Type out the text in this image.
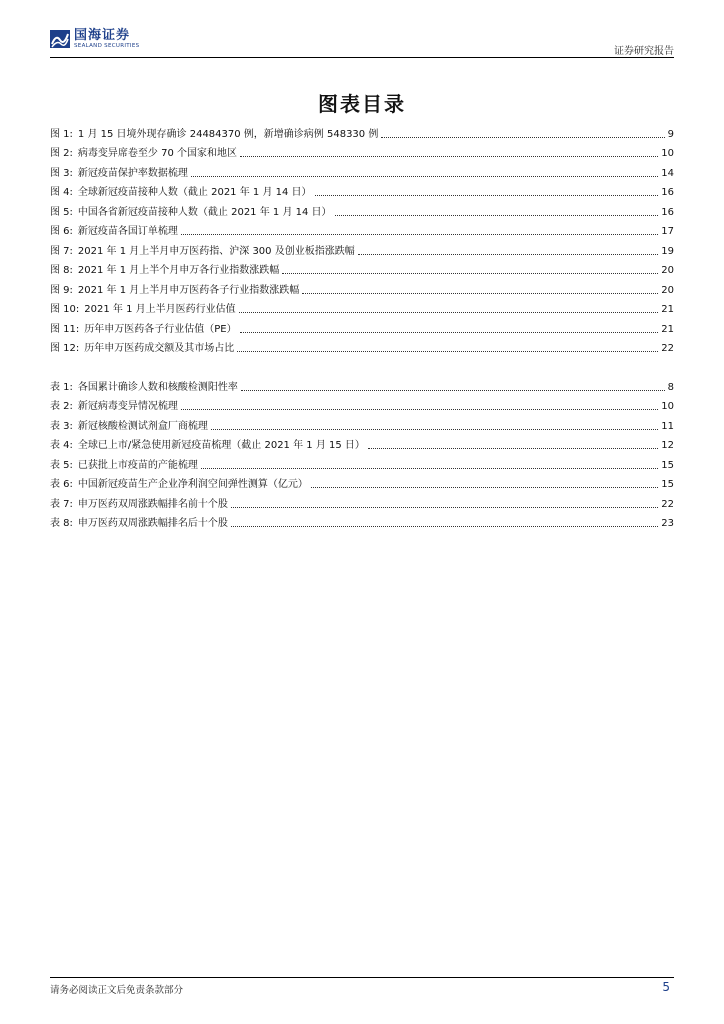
国海证券
SEALAND SECURITIES	证券研究报告
图表目录
图 1: 1 月 15 日境外现存确诊 24484370 例，新增确诊病例 548330 例	9
图 2: 病毒变异席卷至少 70 个国家和地区	10
图 3: 新冠疫苗保护率数据梳理	14
图 4: 全球新冠疫苗接种人数（截止 2021 年 1 月 14 日）	16
图 5: 中国各省新冠疫苗接种人数（截止 2021 年 1 月 14 日）	16
图 6: 新冠疫苗各国订单梳理	17
图 7: 2021 年 1 月上半月申万医药指、沪深 300 及创业板指涨跌幅	19
图 8: 2021 年 1 月上半个月申万各行业指数涨跌幅	20
图 9: 2021 年 1 月上半月申万医药各子行业指数涨跌幅	20
图 10: 2021 年 1 月上半月医药行业估值	21
图 11: 历年申万医药各子行业估值（PE）	21
图 12: 历年申万医药成交额及其市场占比	22
表 1: 各国累计确诊人数和核酸检测阳性率	8
表 2: 新冠病毒变异情况梳理	10
表 3: 新冠核酸检测试剂盒厂商梳理	11
表 4: 全球已上市/紧急使用新冠疫苗梳理（截止 2021 年 1 月 15 日）	12
表 5: 已获批上市疫苗的产能梳理	15
表 6: 中国新冠疫苗生产企业净利润空间弹性测算（亿元）	15
表 7: 申万医药双周涨跌幅排名前十个股	22
表 8: 申万医药双周涨跌幅排名后十个股	23
请务必阅读正文后免责条款部分	5
